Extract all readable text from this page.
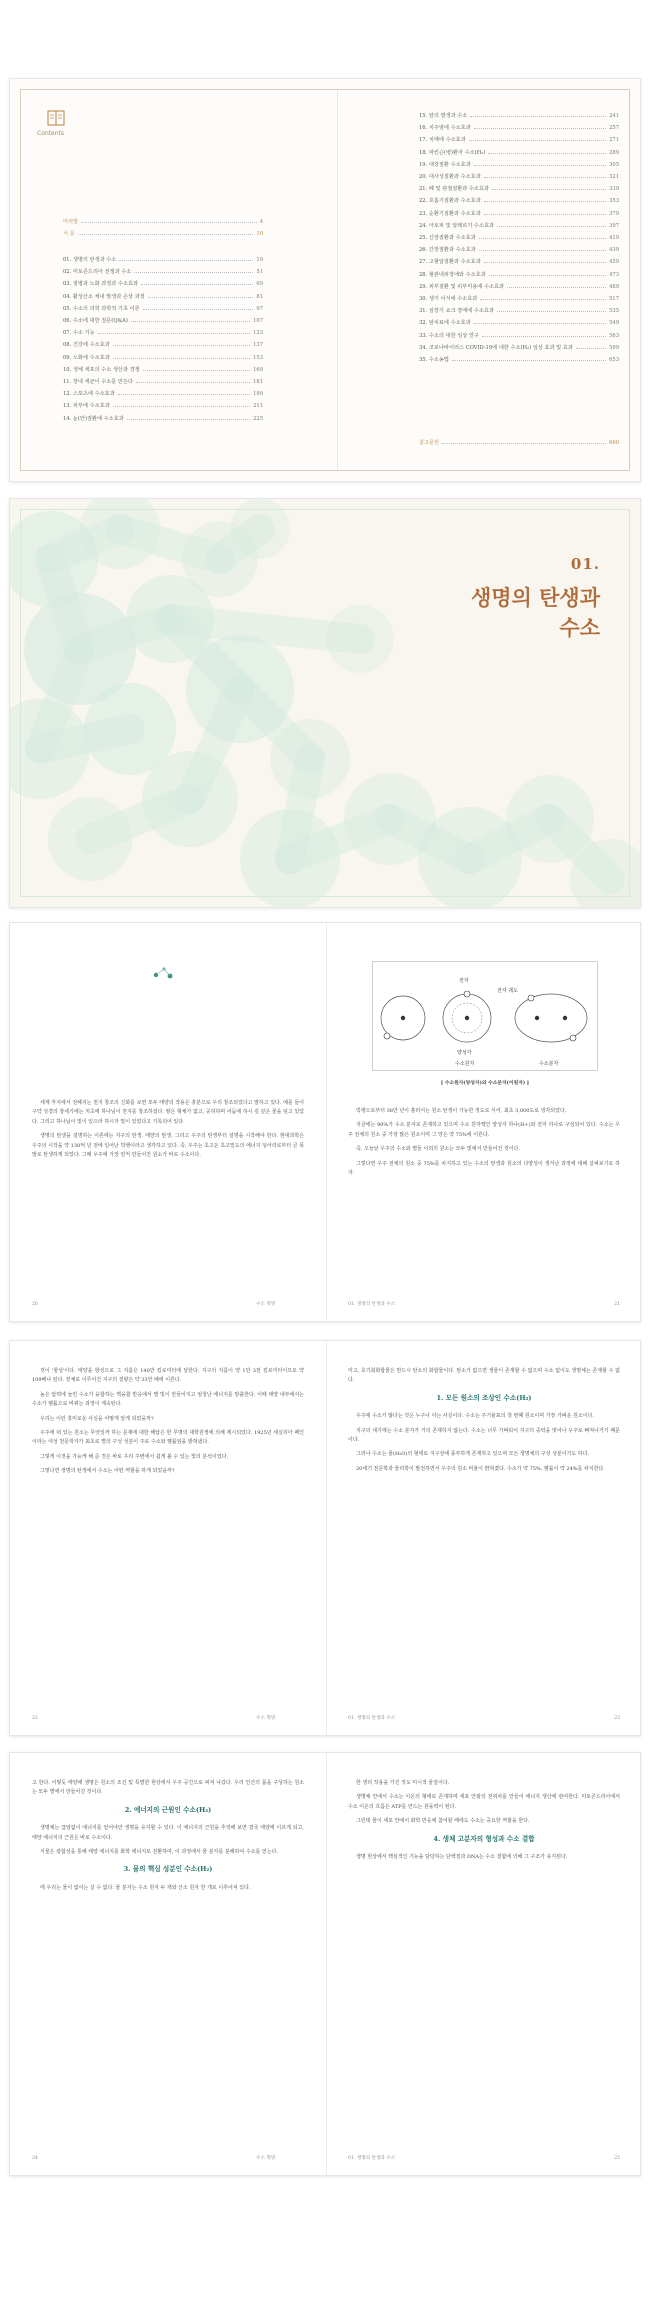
Contents
머리말	4
서 문	10
01. 생명의 탄생과 수소	19
02. 미토콘드리아 전쟁과 수소	51
03. 질병과 노화 과정과 수소효과	69
04. 활성산소 체내 발생과 손상 과정	81
05. 수소의 의학 과학적 기초 이론	97
06. 수소에 대한 질문(Q&A)	107
07. 수소 기능	123
08. 건강에 수소효과	137
09. 노화에 수소효과	153
10. 생체 세포의 수소 생산과 경쟁	169
11. 장내 세균이 수소를 만든다	181
12. 스포츠에 수소효과	199
13. 피부에 수소효과	211
14. 눈(안)질환에 수소효과	225
15. 암의 발생과 수소	241
16. 치주염에 수소효과	257
17. 치매에 수소효과	271
18. 파킨슨(병)환자 수소(H₂)	289
19. 대장질환 수소효과	305
20. 대사성질환과 수소효과	321
21. 폐 및 관절질환과 수소효과	339
22. 호흡기질환과 수소효과	353
23. 순환기질환과 수소효과	379
24. 아토피 및 알레르기 수소효과	397
25. 신장질환과 수소효과	419
26. 간장질환과 수소효과	439
27. 고혈압질환과 수소효과	459
28. 혈관내피장애와 수소효과	473
29. 피부질환 및 피부미용에 수소효과	489
30. 생기 이식에 수소효과	517
31. 심장기 쇼크 장애에 수소효과	535
32. 암치료에 수소효과	549
33. 수소의 대한 임상 연구	563
34. 코로나바이러스 COVID-19에 대한 수소(H₂) 임상 효과 및 효과	599
35. 수소농법	653
참고문헌	660
01.
생명의 탄생과
수소

세계 각지에서 전해지는 천지 창조의 신화를 보면 모두 태양의 작용은 흥분으로 우리 창조되었다고 말하고 있다. 예를 들어 구약 성경의 창세기에는 처초에 하나님이 천지를 창조하셨다. 땅은 형체가 없고, 공허하며 어둠에 하시 깊 깊은 물을 덮고 있었다. 그리고 하나님이 빛이 있으라 하시자 빛이 있었다고 기록되어 있다.

생명의 탄생을 설명하는 이론에는 지구의 탄생, 태양의 탄생, 그리고 우주의 탄생부터 설명을 시작해야 한다. 현대과학은 우주의 시작을 약 138억 년 전에 일어난 빅뱅이라고 생각하고 있다. 즉, 우주는 초고온 초고밀도의 에너지 덩어리로부터 큰 폭발로 탄생하게 되었다. 그때 우주에 가장 먼저 만들어진 원소가 바로 수소이다.

20	수소 혁명
전자
전자 궤도
양성자
수소원자	수소분자
[ 수소원자(양성자)와 수소분자(이원자) ]

빅뱅으로부터 38만 년이 흘러서는 원소 탄생이 가능한 정도로 식어, 최초 3,000도로 냉각되었다.

지금에는 90%가 수소 분자로 존재하고 있으며 수소 원자핵인 양성자 하나(H+)와 전자 하나로 구성되어 있다. 수소는 우주 전체의 원소 중 가장 많은 원소이며 그 양은 약 75%에 이른다.

즉, 오늘날 우주의 수소와 별들 이외의 원소는 모두 빛에서 만들어진 것이다.

그렇다면 우주 전체의 원소 중 75%를 차지하고 있는 수소의 탄생과 원소의 다양성이 생겨난 과정에 대해 살펴보기로 하자.

01. 생명의 탄생과 수소	21

것이 '항성'이다. 태양을 항성으로 그 지름은 140만 킬로미터에 달한다. 지구의 지름이 약 1만 3천 킬로미터이므로 약 109배나 된다. 천체로 이루어진 지구의 질량은 약 33만 배에 이른다.

높은 압력에 눌린 수소가 융합하는 핵융합 반응에서 별 빛이 만들어지고 엄청난 에너지를 방출한다. 이때 태양 내부에서는 수소가 헬륨으로 바뀌는 과정이 계속된다.

우리는 이런 흥미로운 사실을 어떻게 알게 되었을까?

우주에 떠 있는 원소는 무엇일까 하는 문제에 대한 해답은 한 무명의 대학원생에 의해 제시되었다. 1925년 세실리아 페인이라는 여성 천문학자가 최초로 별의 구성 성분이 주로 수소와 헬륨임을 밝혀냈다.

그렇게 이것을 가능케 해 준 것은 바로 우리 주변에서 쉽게 볼 수 있는 빛의 분석이었다.

그렇다면 생명의 탄생에서 수소는 어떤 역할을 하게 되었을까?

22	수소 혁명

미고, 호기회화합물은 반드시 탄소의 화합물이다. 탄소가 없으면 생물이 존재할 수 없으며 수소 없이도 생명체는 존재할 수 없다.

1. 모든 원소의 조상인 수소(H₂)

우주에 수소가 많다는 것은 누구나 아는 사실이다. 수소는 주기율표의 첫 번째 원소이며 가장 가벼운 원소이다.

지구의 대기에는 수소 분자가 거의 존재하지 않는다. 수소는 너무 가벼워서 지구의 중력을 벗어나 우주로 빠져나가기 때문이다.

그러나 수소는 물(H₂O)의 형태로 지구상에 풍부하게 존재하고 있으며 모든 생명체의 구성 성분이기도 하다.

20세기 천문학과 물리학이 발전하면서 우주의 원소 비율이 밝혀졌다. 수소가 약 75%, 헬륨이 약 24%를 차지한다.

01. 생명의 탄생과 수소	23

고 한다. 이렇듯 태양에 생명은 원소의 조건 및 특별한 현상에서 우주 공간으로 퍼져 나갔다. 우리 인간의 몸을 구성하는 원소는 모두 별에서 만들어진 것이다.

2. 에너지의 근원인 수소(H₂)

생명체는 끊임없이 에너지를 얻어야만 생명을 유지할 수 있다. 이 에너지의 근원을 추적해 보면 결국 태양에 이르게 되고, 태양 에너지의 근원은 바로 수소이다.

식물은 광합성을 통해 태양 에너지를 화학 에너지로 전환하며, 이 과정에서 물 분자를 분해하여 수소를 얻는다.

3. 물의 핵심 성분인 수소(H₂)

태 우리는 물이 없이는 살 수 없다. 물 분자는 수소 원자 두 개와 산소 원자 한 개로 이루어져 있다.

24	수소 혁명

한 생리 작용을 가진 것도 미시적 물질이다.

생명체 안에서 수소는 이온의 형태로 존재하며 세포 안팎의 전위차를 만들어 에너지 생산에 관여한다. 미토콘드리아에서 수소 이온의 흐름은 ATP를 만드는 원동력이 된다.

그런데 물이 세포 안에서 화학 반응에 참여할 때에도 수소는 중요한 역할을 한다.

4. 생체 고분자의 형성과 수소 결합

생명 현상에서 핵심적인 기능을 담당하는 단백질과 DNA는 수소 결합에 의해 그 구조가 유지된다.

01. 생명의 탄생과 수소	25
